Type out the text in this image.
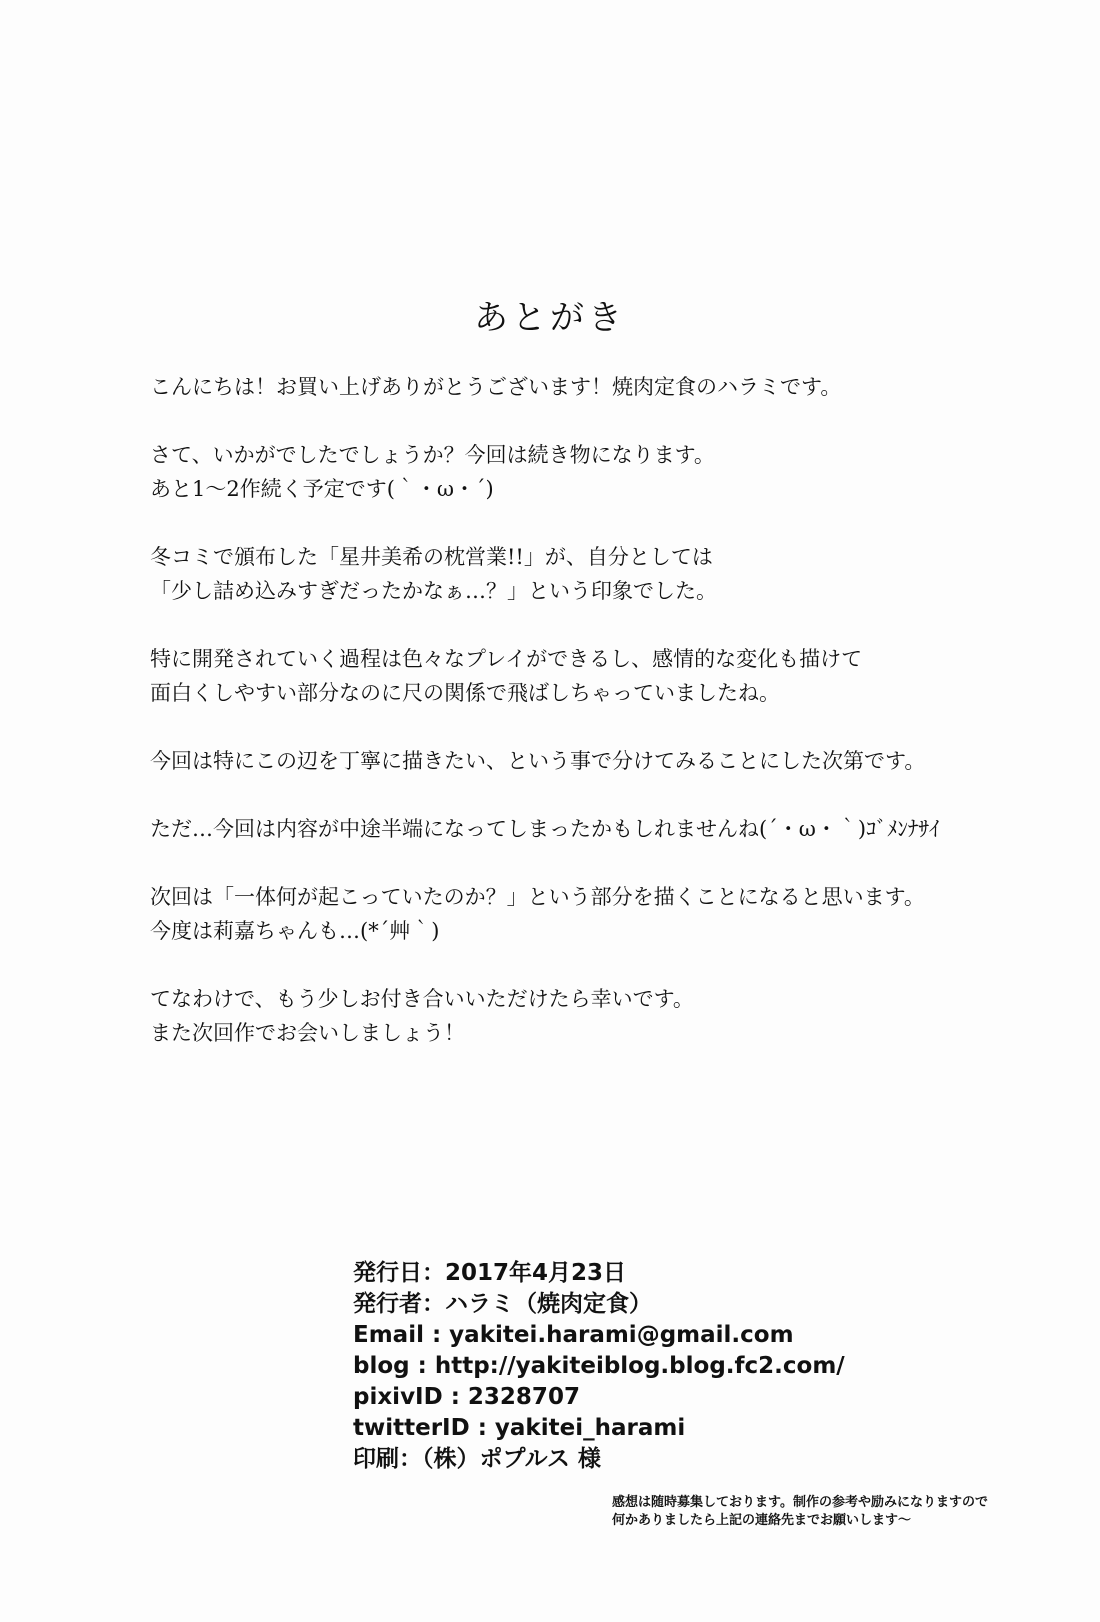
あとがき
こんにちは！お買い上げありがとうございます！焼肉定食のハラミです。
さて、いかがでしたでしょうか？今回は続き物になります。
あと1〜2作続く予定です(｀・ω・´)
冬コミで頒布した「星井美希の枕営業!!」が、自分としては
「少し詰め込みすぎだったかなぁ…？」という印象でした。
特に開発されていく過程は色々なプレイができるし、感情的な変化も描けて
面白くしやすい部分なのに尺の関係で飛ばしちゃっていましたね。
今回は特にこの辺を丁寧に描きたい、という事で分けてみることにした次第です。
ただ…今回は内容が中途半端になってしまったかもしれませんね(´・ω・｀)ｺﾞﾒﾝﾅｻｲ
次回は「一体何が起こっていたのか？」という部分を描くことになると思います。
今度は莉嘉ちゃんも…(*´艸｀)
てなわけで、もう少しお付き合いいただけたら幸いです。
また次回作でお会いしましょう！
発行日：2017年4月23日
発行者：ハラミ（焼肉定食）
Email : yakitei.harami@gmail.com
blog : http://yakiteiblog.blog.fc2.com/
pixivID : 2328707
twitterID : yakitei_harami
印刷：（株）ポプルス 様
感想は随時募集しております。制作の参考や励みになりますので
何かありましたら上記の連絡先までお願いします〜
